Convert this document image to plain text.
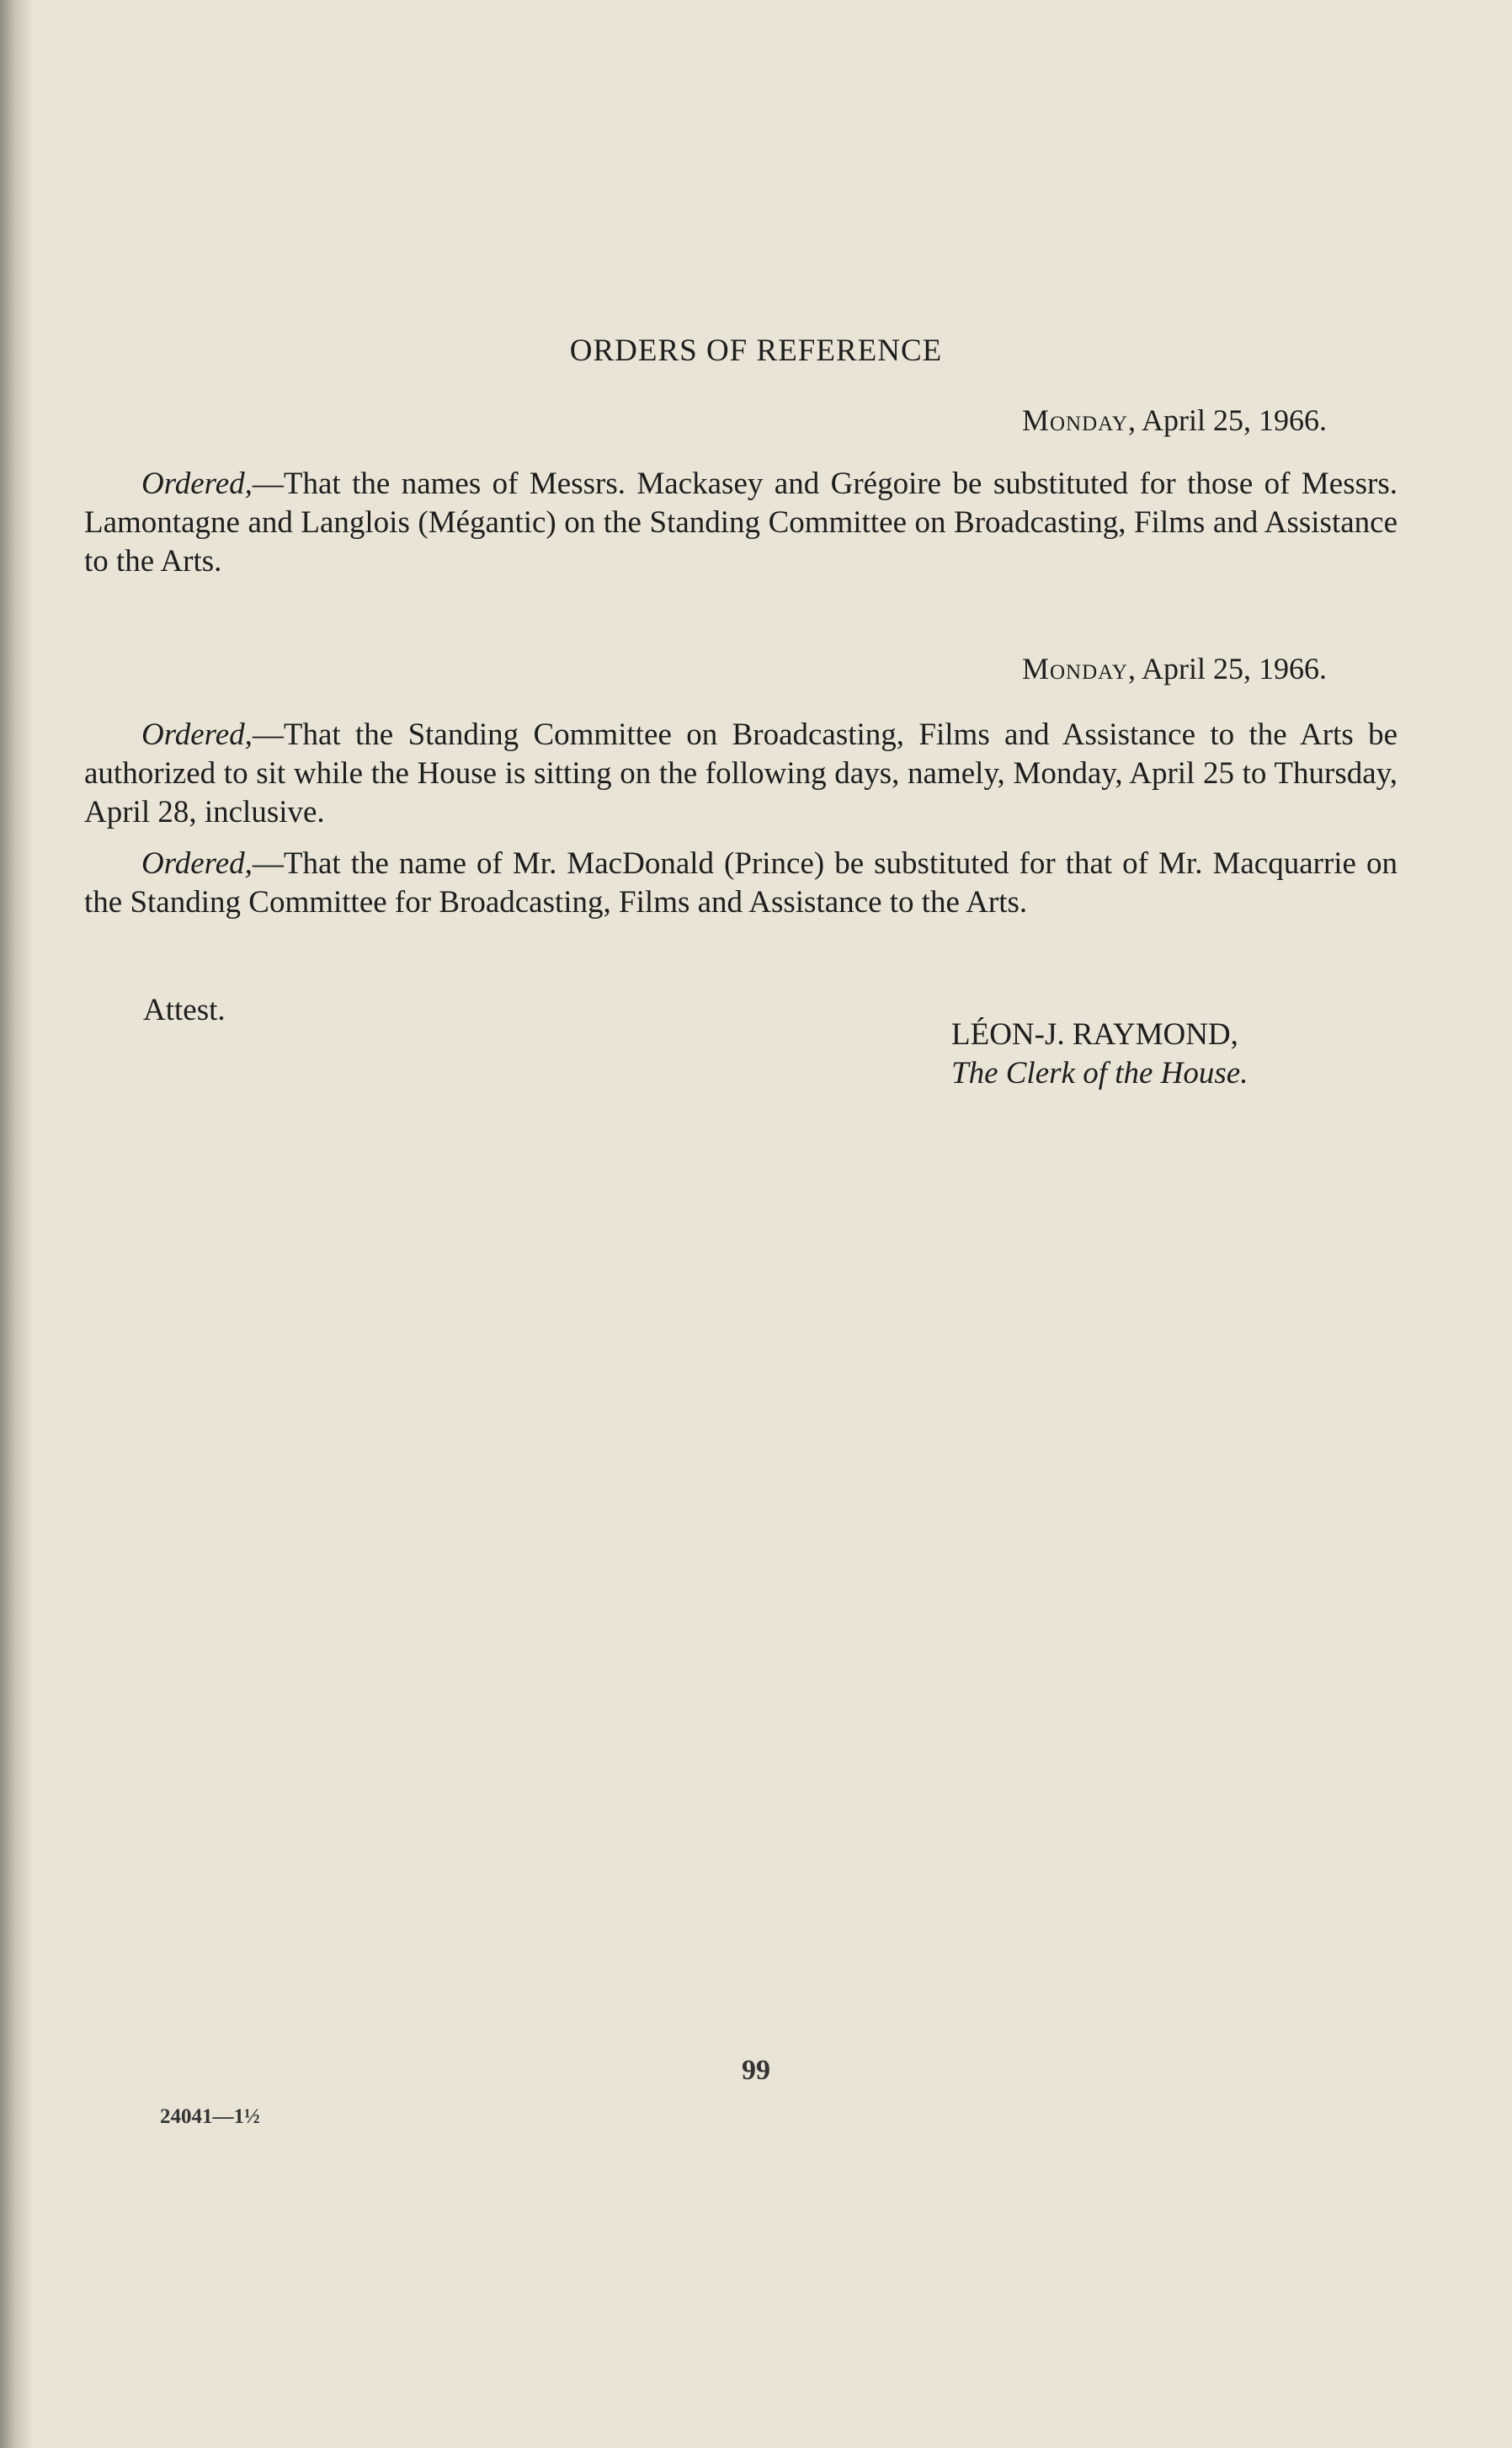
ORDERS OF REFERENCE
Monday, April 25, 1966.

Ordered,—That the names of Messrs. Mackasey and Grégoire be substituted for those of Messrs. Lamontagne and Langlois (Mégantic) on the Standing Committee on Broadcasting, Films and Assistance to the Arts.

Monday, April 25, 1966.

Ordered,—That the Standing Committee on Broadcasting, Films and Assistance to the Arts be authorized to sit while the House is sitting on the following days, namely, Monday, April 25 to Thursday, April 28, inclusive.

Ordered,—That the name of Mr. MacDonald (Prince) be substituted for that of Mr. Macquarrie on the Standing Committee for Broadcasting, Films and Assistance to the Arts.

Attest.
LÉON-J. RAYMOND,
The Clerk of the House.
99
24041—1½
